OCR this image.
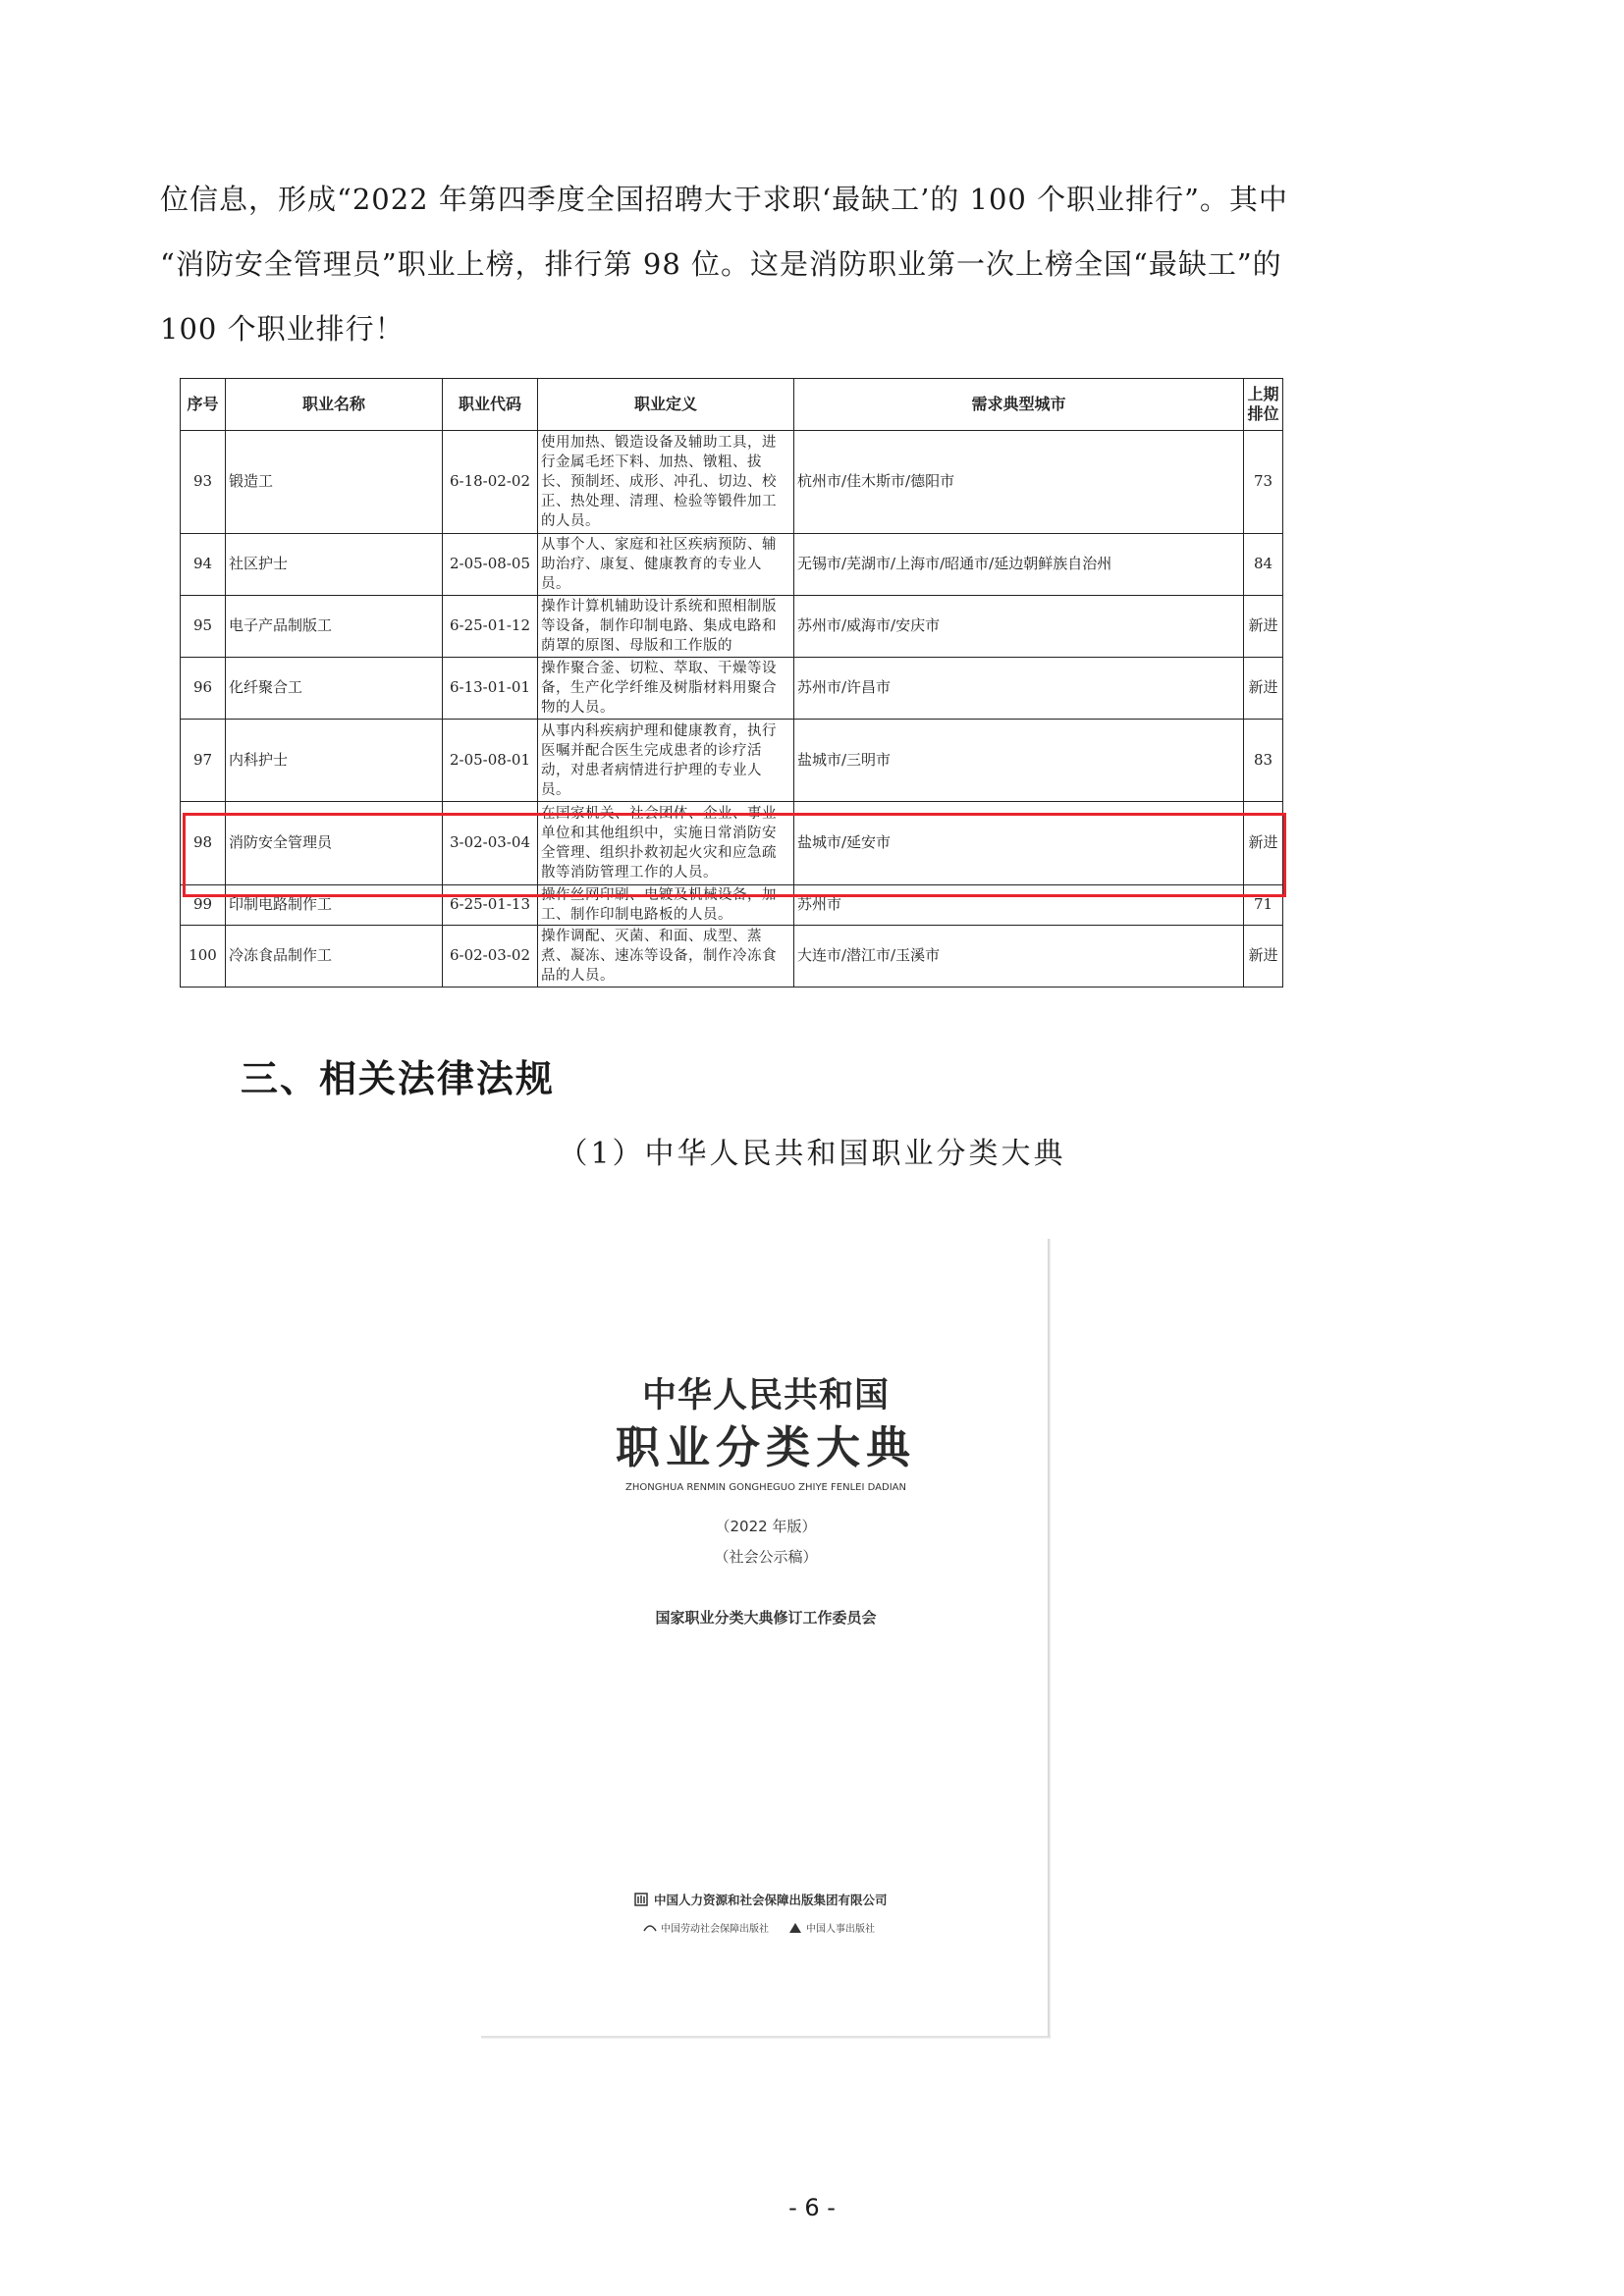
位信息，形成“2022 年第四季度全国招聘大于求职‘最缺工’的 100 个职业排行”。其中

“消防安全管理员”职业上榜，排行第 98 位。这是消防职业第一次上榜全国“最缺工”的

100 个职业排行！

序号	职业名称	职业代码	职业定义	需求典型城市	上期排位
93	锻造工	6-18-02-02	使用加热、锻造设备及辅助工具，进行金属毛坯下料、加热、镦粗、拔长、预制坯、成形、冲孔、切边、校正、热处理、清理、检验等锻件加工的人员。	杭州市/佳木斯市/德阳市	73
94	社区护士	2-05-08-05	从事个人、家庭和社区疾病预防、辅助治疗、康复、健康教育的专业人员。	无锡市/芜湖市/上海市/昭通市/延边朝鲜族自治州	84
95	电子产品制版工	6-25-01-12	操作计算机辅助设计系统和照相制版等设备，制作印制电路、集成电路和荫罩的原图、母版和工作版的	苏州市/威海市/安庆市	新进
96	化纤聚合工	6-13-01-01	操作聚合釜、切粒、萃取、干燥等设备，生产化学纤维及树脂材料用聚合物的人员。	苏州市/许昌市	新进
97	内科护士	2-05-08-01	从事内科疾病护理和健康教育，执行医嘱并配合医生完成患者的诊疗活动，对患者病情进行护理的专业人员。	盐城市/三明市	83
98	消防安全管理员	3-02-03-04	在国家机关、社会团体、企业、事业单位和其他组织中，实施日常消防安全管理、组织扑救初起火灾和应急疏散等消防管理工作的人员。	盐城市/延安市	新进
99	印制电路制作工	6-25-01-13	操作丝网印刷、电镀及机械设备，加工、制作印制电路板的人员。	苏州市	71
100	冷冻食品制作工	6-02-03-02	操作调配、灭菌、和面、成型、蒸煮、凝冻、速冻等设备，制作冷冻食品的人员。	大连市/潜江市/玉溪市	新进
三、相关法律法规

（1）中华人民共和国职业分类大典

中华人民共和国
职业分类大典
ZHONGHUA RENMIN GONGHEGUO ZHIYE FENLEI DADIAN
（2022 年版）
（社会公示稿）
国家职业分类大典修订工作委员会
中国人力资源和社会保障出版集团有限公司
中国劳动社会保障出版社	中国人事出版社
- 6 -
